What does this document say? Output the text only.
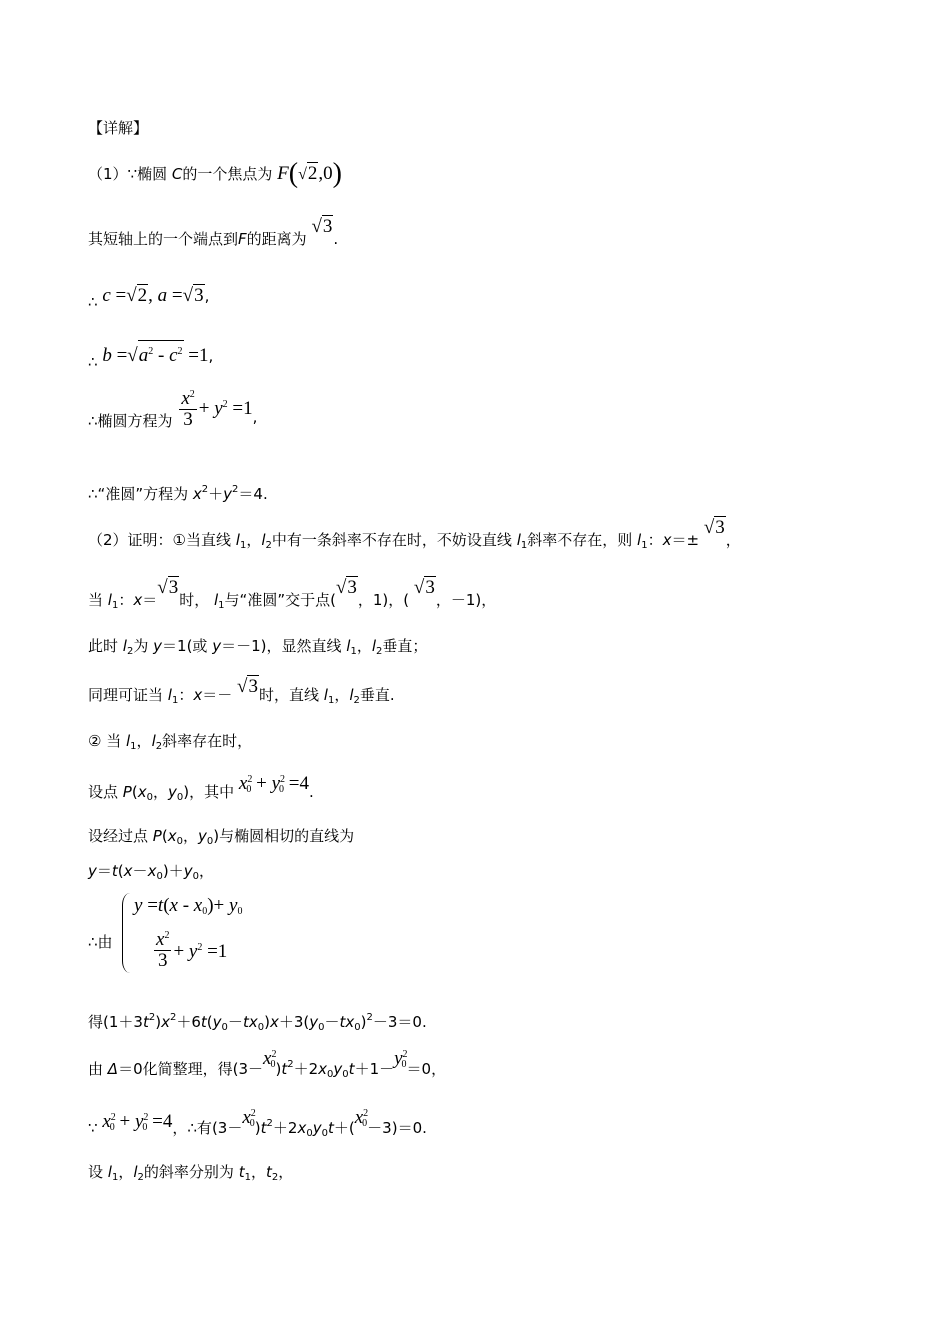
【详解】
（1）∵椭圆 C的一个焦点为 F(√2,0)
其短轴上的一个端点到F的距离为 √3.
∴ c =√2, a =√3,
∴ $b =√a^2 - c^2 =1$,
∴椭圆方程为 $\frac{x^2}{3} + y^2 =1$,
∴“准圆”方程为 $x^2+y^2=4$.
（2）证明：①当直线 $l_1$，$l_2$中有一条斜率不存在时，不妨设直线 $l_1$斜率不存在，则 $l_1$：x＝± √3，
当 $l_1$：x＝√3时， $l_1$与“准圆”交于点(√3，1)，( √3，－1)，
此时 $l_2$为 y＝1(或 y＝－1)，显然直线 $l_1$，$l_2$垂直；
同理可证当 $l_1$：x＝－ √3时，直线 $l_1$，$l_2$垂直.
② 当 $l_1$，$l_2$斜率存在时，
设点 $P(x_0$，$y_0$)，其中 $x^2_0 + y^2_0 =4$.
设经过点 $P(x_0$，$y_0$)与椭圆相切的直线为
$y=t(x-x_0)+y_0$，
∴由
$y =t(x - x_0)+ y_0$
$\frac{x^2}{3} + y^2 =1$
得$(1+3t^2)x^2+6t(y_0-tx_0)x+3(y_0-tx_0)^2-3=0$.
由 Δ＝0化简整理，得$(3-x^2_0)t^2+2x_0y_0t+1-y^2_0=0$，
∵ $x^2_0 + y^2_0 =4$，∴有$(3-x^2_0)t^2+2x_0y_0t+(x^2_0-3)=0$.
设 $l_1$，$l_2$的斜率分别为 $t_1$，$t_2$，
